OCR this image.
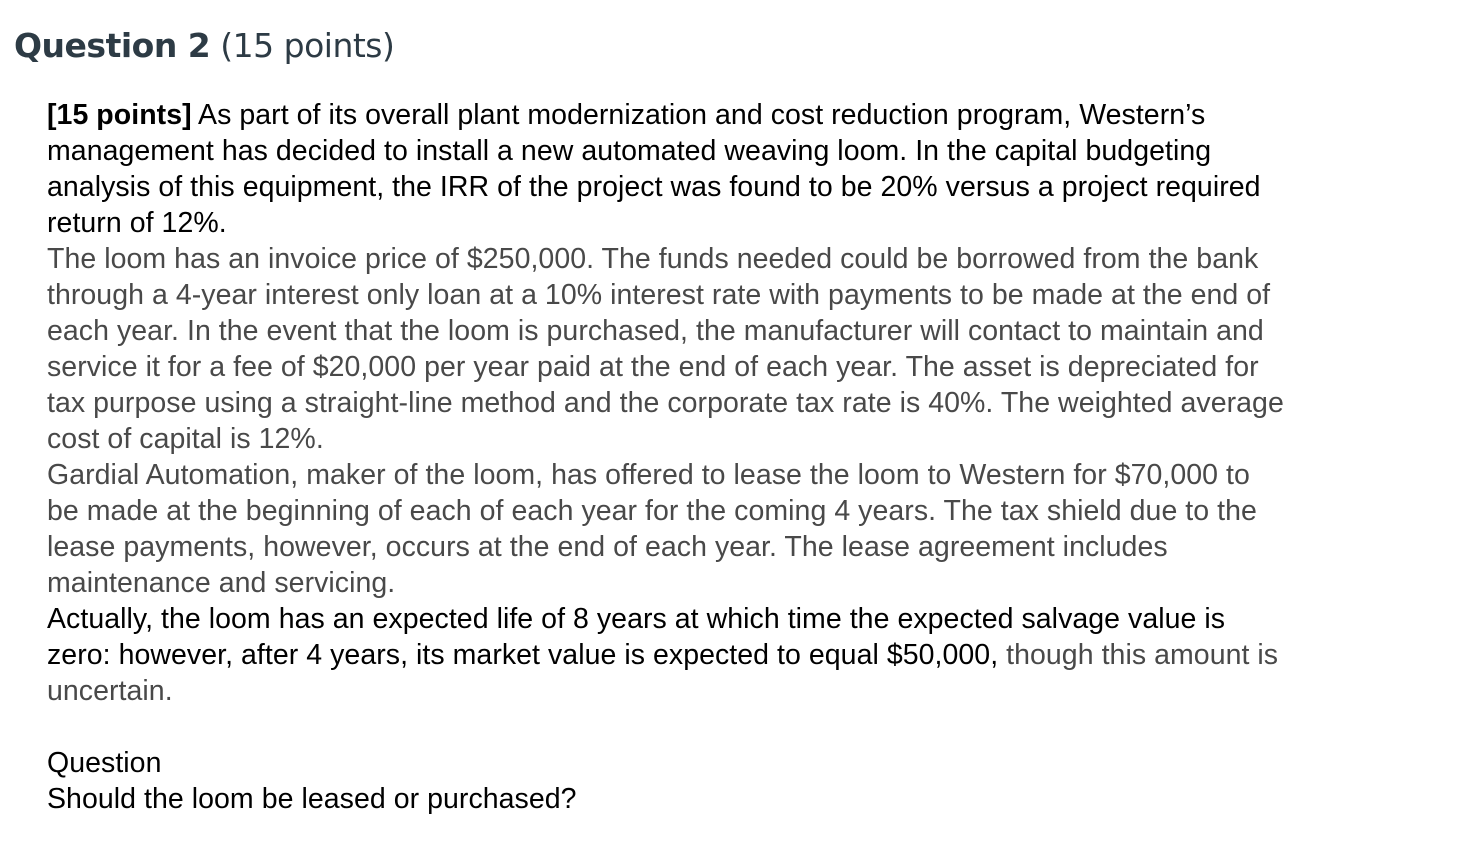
Question 2 (15 points)
[15 points] As part of its overall plant modernization and cost reduction program, Western’s
management has decided to install a new automated weaving loom. In the capital budgeting
analysis of this equipment, the IRR of the project was found to be 20% versus a project required
return of 12%.
The loom has an invoice price of $250,000. The funds needed could be borrowed from the bank
through a 4-year interest only loan at a 10% interest rate with payments to be made at the end of
each year. In the event that the loom is purchased, the manufacturer will contact to maintain and
service it for a fee of $20,000 per year paid at the end of each year. The asset is depreciated for
tax purpose using a straight-line method and the corporate tax rate is 40%. The weighted average
cost of capital is 12%.
Gardial Automation, maker of the loom, has offered to lease the loom to Western for $70,000 to
be made at the beginning of each of each year for the coming 4 years. The tax shield due to the
lease payments, however, occurs at the end of each year. The lease agreement includes
maintenance and servicing.
Actually, the loom has an expected life of 8 years at which time the expected salvage value is
zero: however, after 4 years, its market value is expected to equal $50,000, though this amount is
uncertain.
Question
Should the loom be leased or purchased?
